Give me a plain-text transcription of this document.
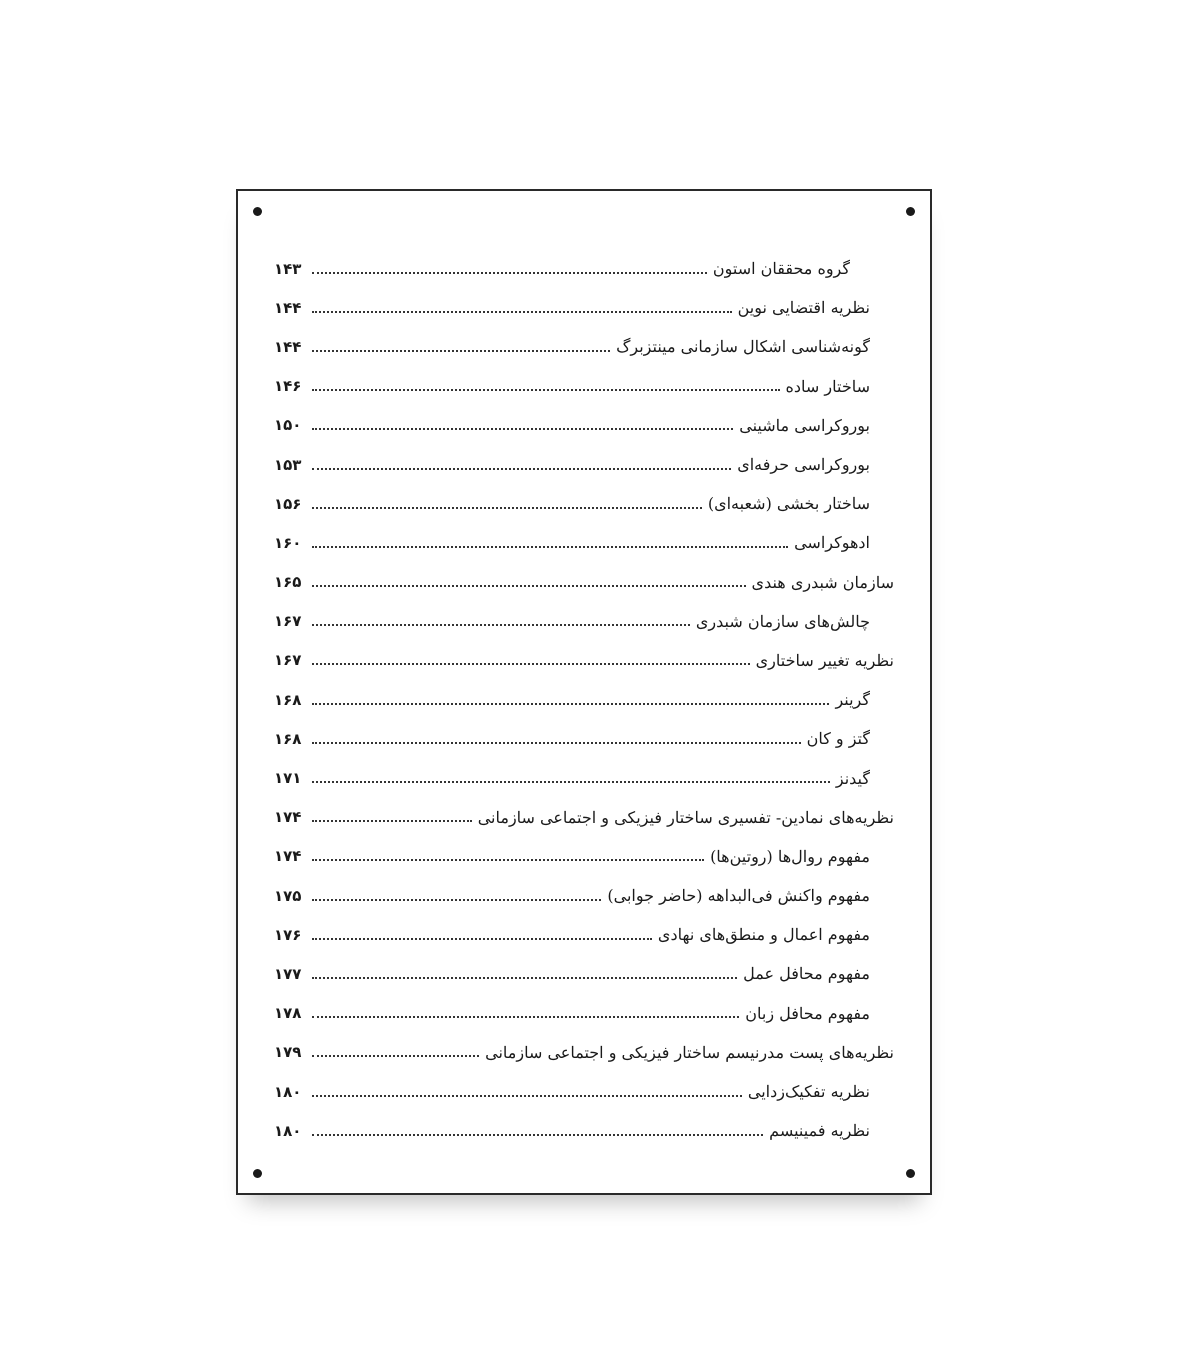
گروه محققان استون
۱۴۳
نظریه اقتضایی نوین
۱۴۴
گونه‌شناسی اشکال سازمانی مینتزبرگ
۱۴۴
ساختار ساده
۱۴۶
بوروکراسی ماشینی
۱۵۰
بوروکراسی حرفه‌ای
۱۵۳
ساختار بخشی (شعبه‌ای)
۱۵۶
ادهوکراسی
۱۶۰
سازمان شبدری هندی
۱۶۵
چالش‌های سازمان شبدری
۱۶۷
نظریه تغییر ساختاری
۱۶۷
گرینر
۱۶۸
گتز و کان
۱۶۸
گیدنز
۱۷۱
نظریه‌های نمادین- تفسیری ساختار فیزیکی و اجتماعی سازمانی
۱۷۴
مفهوم روال‌ها (روتین‌ها)
۱۷۴
مفهوم واکنش فی‌البداهه (حاضر جوابی)
۱۷۵
مفهوم اعمال و منطق‌های نهادی
۱۷۶
مفهوم محافل عمل
۱۷۷
مفهوم محافل زبان
۱۷۸
نظریه‌های پست مدرنیسم ساختار فیزیکی و اجتماعی سازمانی
۱۷۹
نظریه تفکیک‌زدایی
۱۸۰
نظریه فمینیسم
۱۸۰
